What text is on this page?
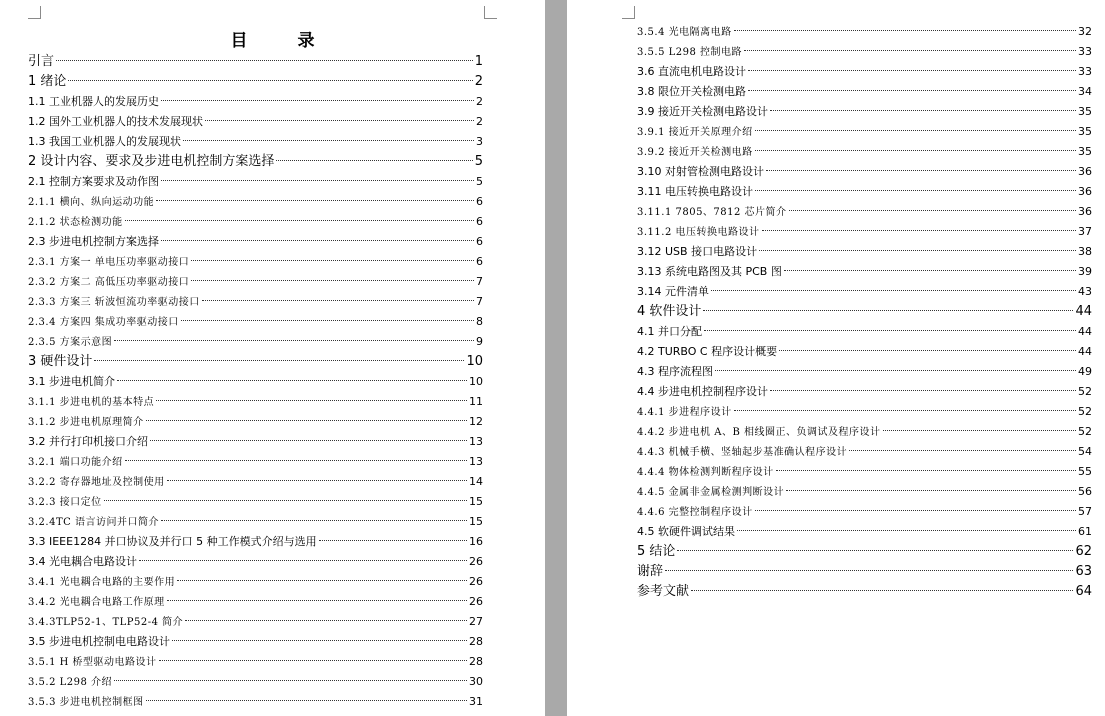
目 录
引言	1
1 绪论	2
1.1 工业机器人的发展历史	2
1.2 国外工业机器人的技术发展现状	2
1.3 我国工业机器人的发展现状	3
2 设计内容、要求及步进电机控制方案选择	5
2.1 控制方案要求及动作图	5
2.1.1 横向、纵向运动功能	6
2.1.2 状态检测功能	6
2.3 步进电机控制方案选择	6
2.3.1 方案一 单电压功率驱动接口	6
2.3.2 方案二 高低压功率驱动接口	7
2.3.3 方案三 斩波恒流功率驱动接口	7
2.3.4 方案四 集成功率驱动接口	8
2.3.5 方案示意图	9
3 硬件设计	10
3.1 步进电机简介	10
3.1.1 步进电机的基本特点	11
3.1.2 步进电机原理简介	12
3.2 并行打印机接口介绍	13
3.2.1 端口功能介绍	13
3.2.2 寄存器地址及控制使用	14
3.2.3 接口定位	15
3.2.4TC 语言访问并口简介	15
3.3 IEEE1284 并口协议及并行口 5 种工作模式介绍与选用	16
3.4 光电耦合电路设计	26
3.4.1 光电耦合电路的主要作用	26
3.4.2 光电耦合电路工作原理	26
3.4.3TLP52-1、TLP52-4 简介	27
3.5 步进电机控制电电路设计	28
3.5.1 H 桥型驱动电路设计	28
3.5.2 L298 介绍	30
3.5.3 步进电机控制框图	31
3.5.4 光电隔离电路	32
3.5.5 L298 控制电路	33
3.6 直流电机电路设计	33
3.8 限位开关检测电路	34
3.9 接近开关检测电路设计	35
3.9.1 接近开关原理介绍	35
3.9.2 接近开关检测电路	35
3.10 对射管检测电路设计	36
3.11 电压转换电路设计	36
3.11.1 7805、7812 芯片简介	36
3.11.2 电压转换电路设计	37
3.12 USB 接口电路设计	38
3.13 系统电路图及其 PCB 图	39
3.14 元件清单	43
4 软件设计	44
4.1 并口分配	44
4.2 TURBO C 程序设计概要	44
4.3 程序流程图	49
4.4 步进电机控制程序设计	52
4.4.1 步进程序设计	52
4.4.2 步进电机 A、B 相线圈正、负调试及程序设计	52
4.4.3 机械手横、竖轴起步基准确认程序设计	54
4.4.4 物体检测判断程序设计	55
4.4.5 金属非金属检测判断设计	56
4.4.6 完整控制程序设计	57
4.5 软硬件调试结果	61
5 结论	62
谢辞	63
参考文献	64
